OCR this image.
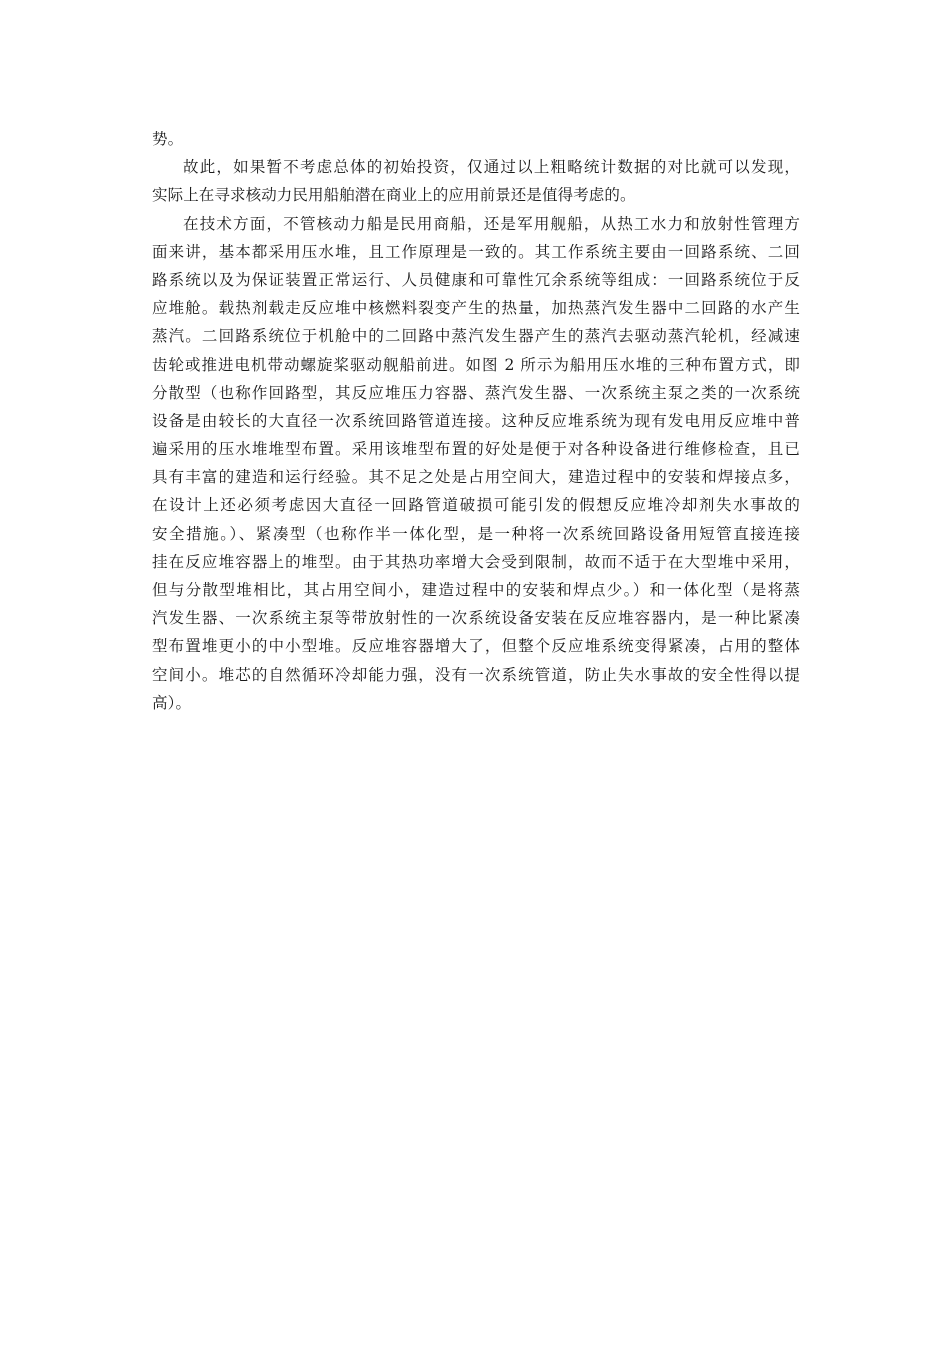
势。
故此，如果暂不考虑总体的初始投资，仅通过以上粗略统计数据的对比就可以发现，
实际上在寻求核动力民用船舶潜在商业上的应用前景还是值得考虑的。
在技术方面，不管核动力船是民用商船，还是军用舰船，从热工水力和放射性管理方
面来讲，基本都采用压水堆，且工作原理是一致的。其工作系统主要由一回路系统、二回
路系统以及为保证装置正常运行、人员健康和可靠性冗余系统等组成：一回路系统位于反
应堆舱。载热剂载走反应堆中核燃料裂变产生的热量，加热蒸汽发生器中二回路的水产生
蒸汽。二回路系统位于机舱中的二回路中蒸汽发生器产生的蒸汽去驱动蒸汽轮机，经减速
齿轮或推进电机带动螺旋桨驱动舰船前进。如图 2 所示为船用压水堆的三种布置方式，即
分散型（也称作回路型，其反应堆压力容器、蒸汽发生器、一次系统主泵之类的一次系统
设备是由较长的大直径一次系统回路管道连接。这种反应堆系统为现有发电用反应堆中普
遍采用的压水堆堆型布置。采用该堆型布置的好处是便于对各种设备进行维修检查，且已
具有丰富的建造和运行经验。其不足之处是占用空间大，建造过程中的安装和焊接点多，
在设计上还必须考虑因大直径一回路管道破损可能引发的假想反应堆冷却剂失水事故的
安全措施。）、紧凑型（也称作半一体化型，是一种将一次系统回路设备用短管直接连接
挂在反应堆容器上的堆型。由于其热功率增大会受到限制，故而不适于在大型堆中采用，
但与分散型堆相比，其占用空间小，建造过程中的安装和焊点少。）和一体化型（是将蒸
汽发生器、一次系统主泵等带放射性的一次系统设备安装在反应堆容器内，是一种比紧凑
型布置堆更小的中小型堆。反应堆容器增大了，但整个反应堆系统变得紧凑，占用的整体
空间小。堆芯的自然循环冷却能力强，没有一次系统管道，防止失水事故的安全性得以提
高）。
